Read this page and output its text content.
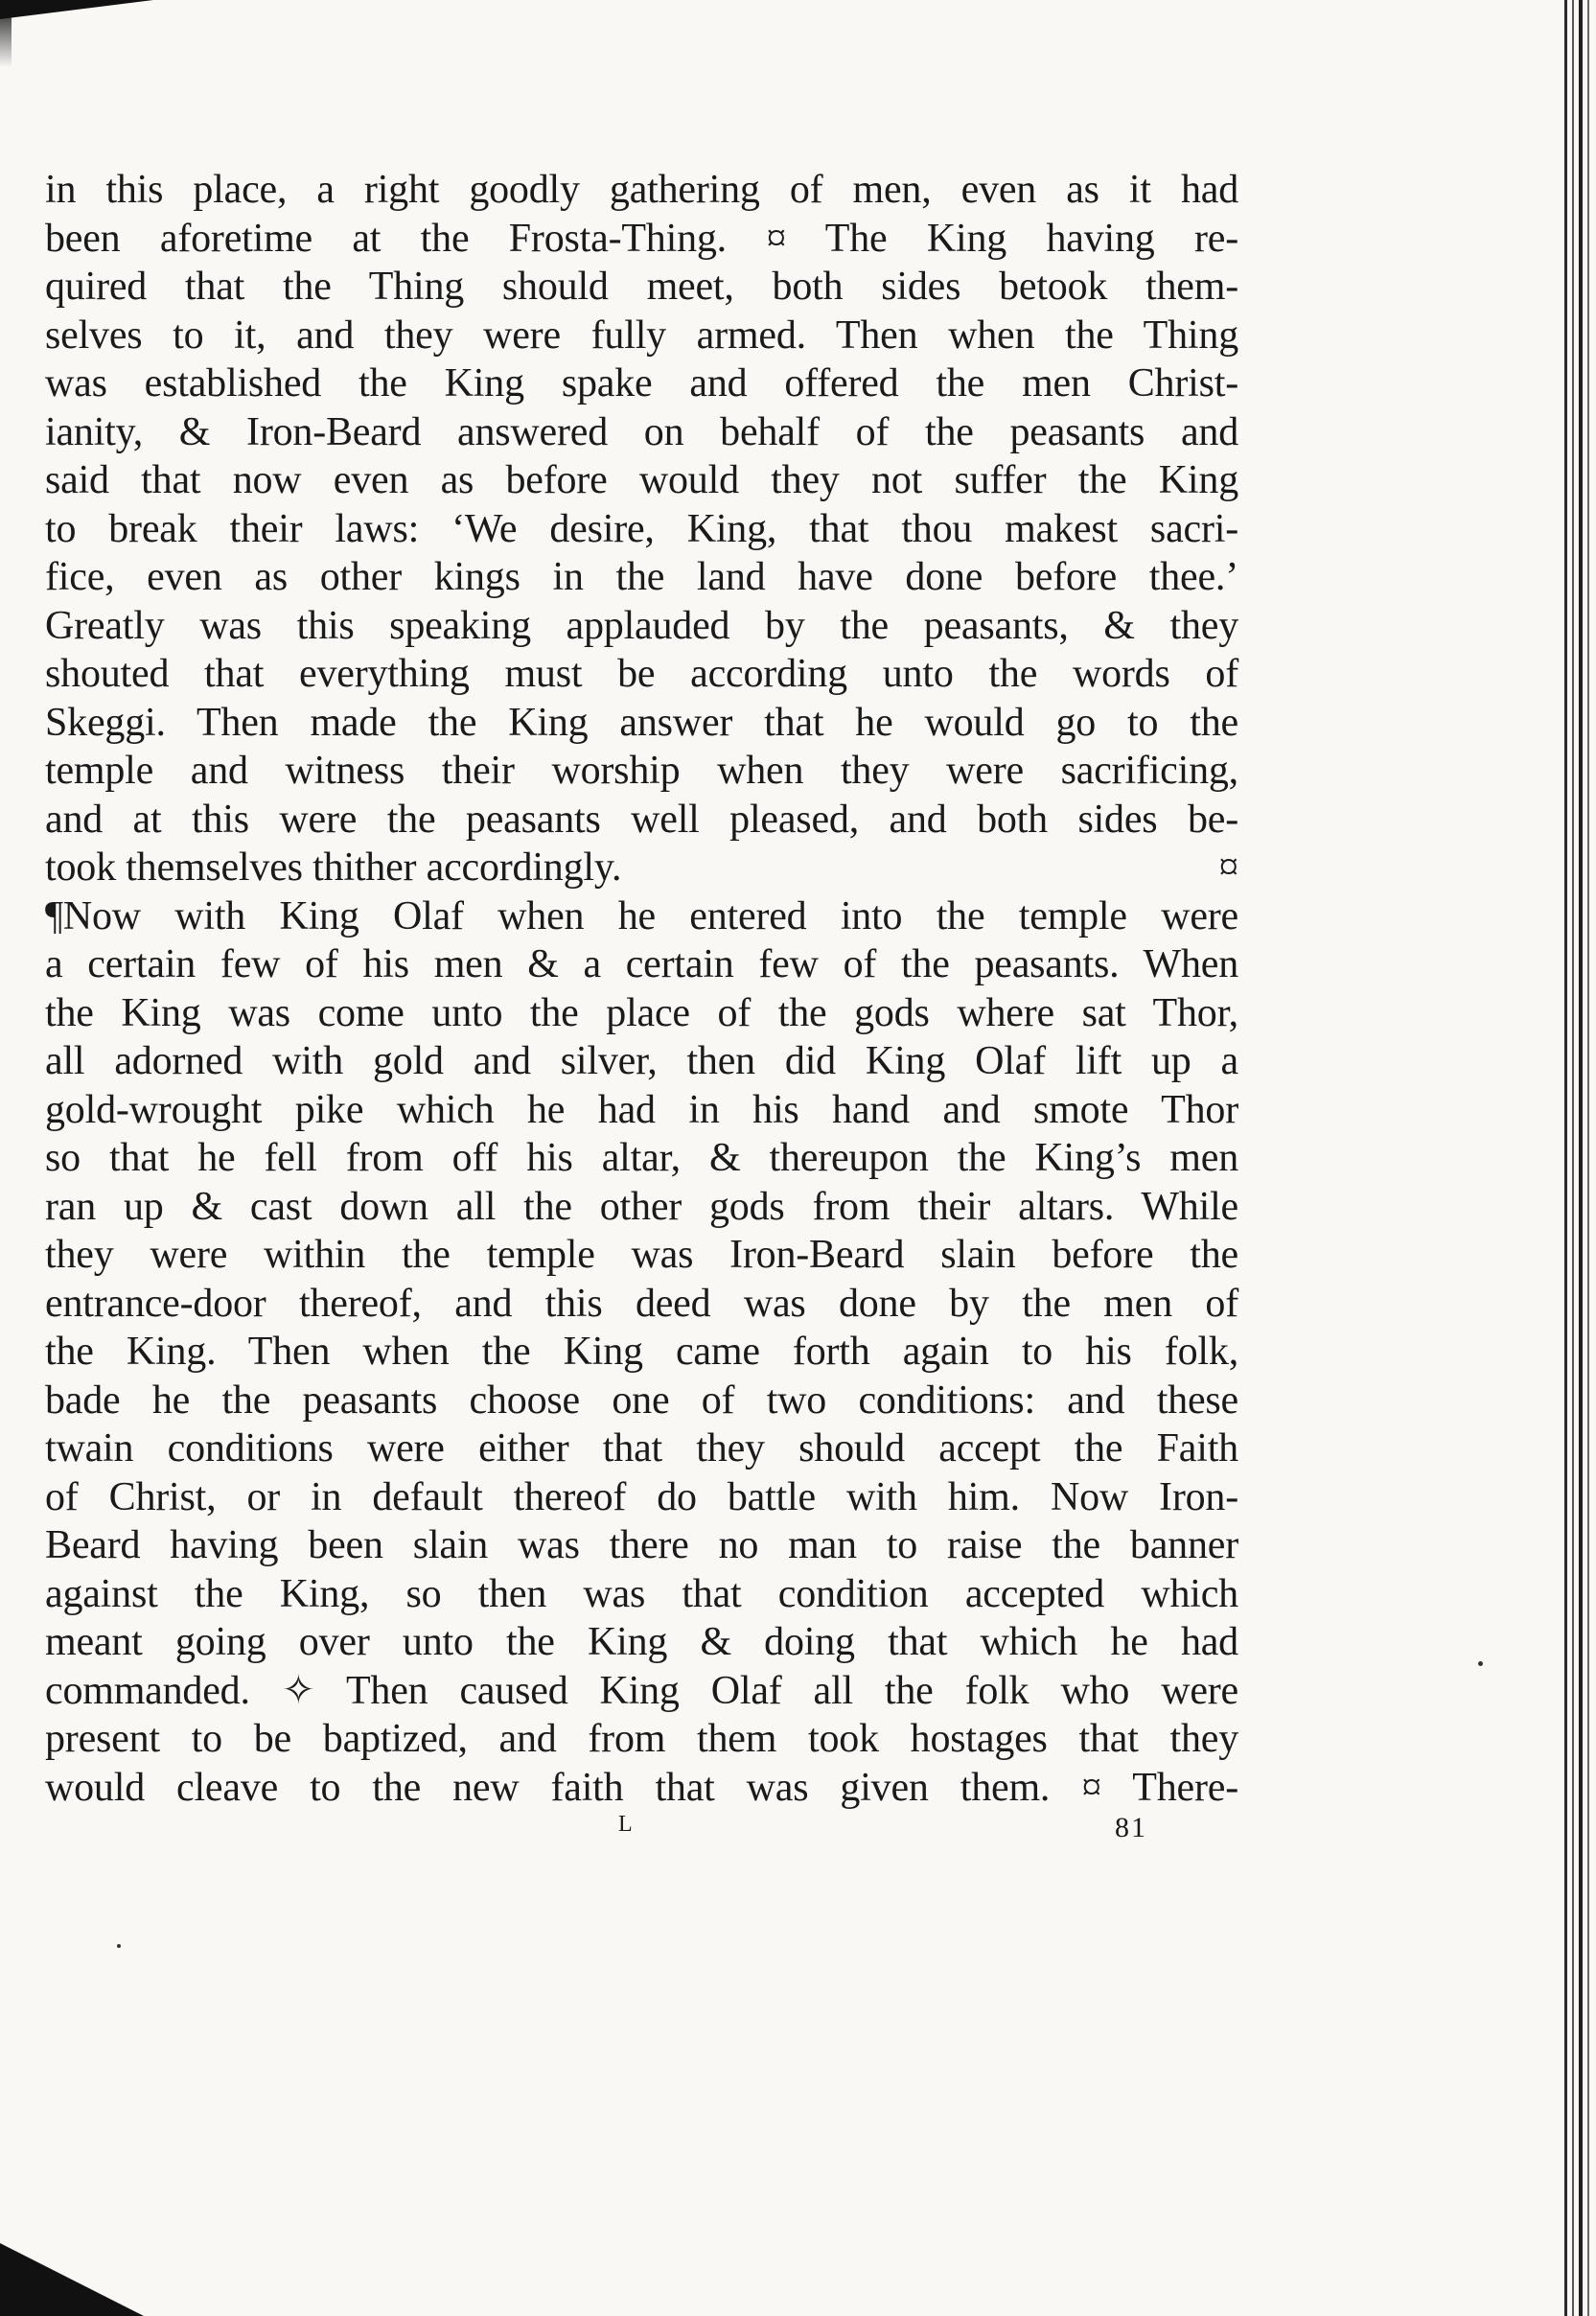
in this place, a right goodly gathering of men, even as it had
been aforetime at the Frosta-Thing. ¤ The King having re-
quired that the Thing should meet, both sides betook them-
selves to it, and they were fully armed. Then when the Thing
was established the King spake and offered the men Christ-
ianity, & Iron-Beard answered on behalf of the peasants and
said that now even as before would they not suffer the King
to break their laws: ‘We desire, King, that thou makest sacri-
fice, even as other kings in the land have done before thee.’
Greatly was this speaking applauded by the peasants, & they
shouted that everything must be according unto the words of
Skeggi. Then made the King answer that he would go to the
temple and witness their worship when they were sacrificing,
and at this were the peasants well pleased, and both sides be-
took themselves thither accordingly.	¤
¶Now with King Olaf when he entered into the temple were
a certain few of his men & a certain few of the peasants. When
the King was come unto the place of the gods where sat Thor,
all adorned with gold and silver, then did King Olaf lift up a
gold-wrought pike which he had in his hand and smote Thor
so that he fell from off his altar, & thereupon the King’s men
ran up & cast down all the other gods from their altars. While
they were within the temple was Iron-Beard slain before the
entrance-door thereof, and this deed was done by the men of
the King. Then when the King came forth again to his folk,
bade he the peasants choose one of two conditions: and these
twain conditions were either that they should accept the Faith
of Christ, or in default thereof do battle with him. Now Iron-
Beard having been slain was there no man to raise the banner
against the King, so then was that condition accepted which
meant going over unto the King & doing that which he had
commanded. ✧ Then caused King Olaf all the folk who were
present to be baptized, and from them took hostages that they
would cleave to the new faith that was given them. ¤ There-
L	81
